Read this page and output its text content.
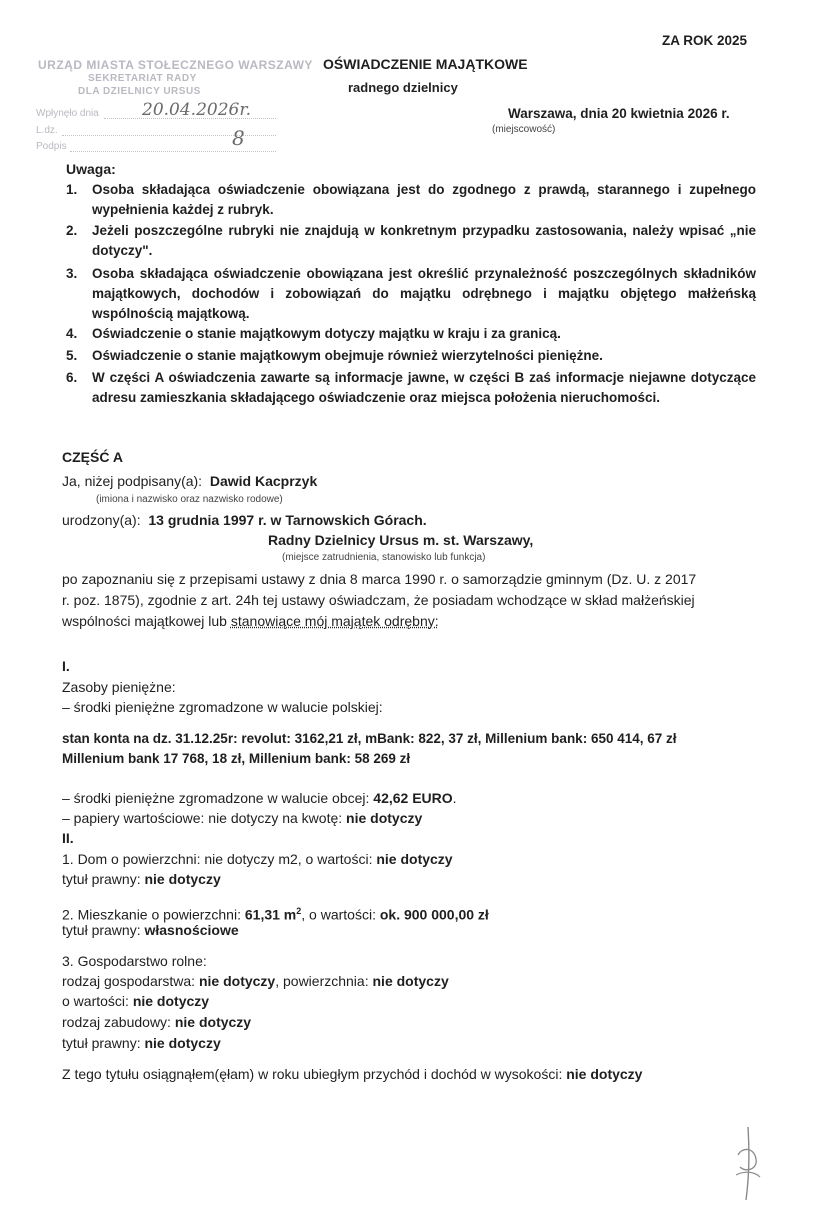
URZĄD MIASTA STOŁECZNEGO WARSZAWY
SEKRETARIAT RADY
DLA DZIELNICY URSUS
Wpłynęło dnia	20.04.2026r.
L.dz.
Podpis	8
ZA ROK 2025
OŚWIADCZENIE MAJĄTKOWE
radnego dzielnicy
Warszawa, dnia 20 kwietnia 2026 r.
(miejscowość)
Uwaga:
1. Osoba składająca oświadczenie obowiązana jest do zgodnego z prawdą, starannego i zupełnego wypełnienia każdej z rubryk.
2. Jeżeli poszczególne rubryki nie znajdują w konkretnym przypadku zastosowania, należy wpisać „nie dotyczy".
3. Osoba składająca oświadczenie obowiązana jest określić przynależność poszczególnych składników majątkowych, dochodów i zobowiązań do majątku odrębnego i majątku objętego małżeńską wspólnością majątkową.
4. Oświadczenie o stanie majątkowym dotyczy majątku w kraju i za granicą.
5. Oświadczenie o stanie majątkowym obejmuje również wierzytelności pieniężne.
6. W części A oświadczenia zawarte są informacje jawne, w części B zaś informacje niejawne dotyczące adresu zamieszkania składającego oświadczenie oraz miejsca położenia nieruchomości.
CZĘŚĆ A
Ja, niżej podpisany(a): Dawid Kacprzyk
(imiona i nazwisko oraz nazwisko rodowe)
urodzony(a): 13 grudnia 1997 r. w Tarnowskich Górach.
Radny Dzielnicy Ursus m. st. Warszawy,
(miejsce zatrudnienia, stanowisko lub funkcja)
po zapoznaniu się z przepisami ustawy z dnia 8 marca 1990 r. o samorządzie gminnym (Dz. U. z 2017
r. poz. 1875), zgodnie z art. 24h tej ustawy oświadczam, że posiadam wchodzące w skład małżeńskiej
wspólności majątkowej lub stanowiące mój majątek odrębny:
I.
Zasoby pieniężne:
– środki pieniężne zgromadzone w walucie polskiej:
stan konta na dz. 31.12.25r: revolut: 3162,21 zł, mBank: 822, 37 zł, Millenium bank: 650 414, 67 zł
Millenium bank 17 768, 18 zł, Millenium bank: 58 269 zł
– środki pieniężne zgromadzone w walucie obcej: 42,62 EURO.
– papiery wartościowe: nie dotyczy na kwotę: nie dotyczy
II.
1. Dom o powierzchni: nie dotyczy m2, o wartości: nie dotyczy
tytuł prawny: nie dotyczy
2. Mieszkanie o powierzchni: 61,31 $m^2$, o wartości: ok. 900 000,00 zł
tytuł prawny: własnościowe
3. Gospodarstwo rolne:
rodzaj gospodarstwa: nie dotyczy, powierzchnia: nie dotyczy
o wartości: nie dotyczy
rodzaj zabudowy: nie dotyczy
tytuł prawny: nie dotyczy
Z tego tytułu osiągnąłem(ęłam) w roku ubiegłym przychód i dochód w wysokości: nie dotyczy
